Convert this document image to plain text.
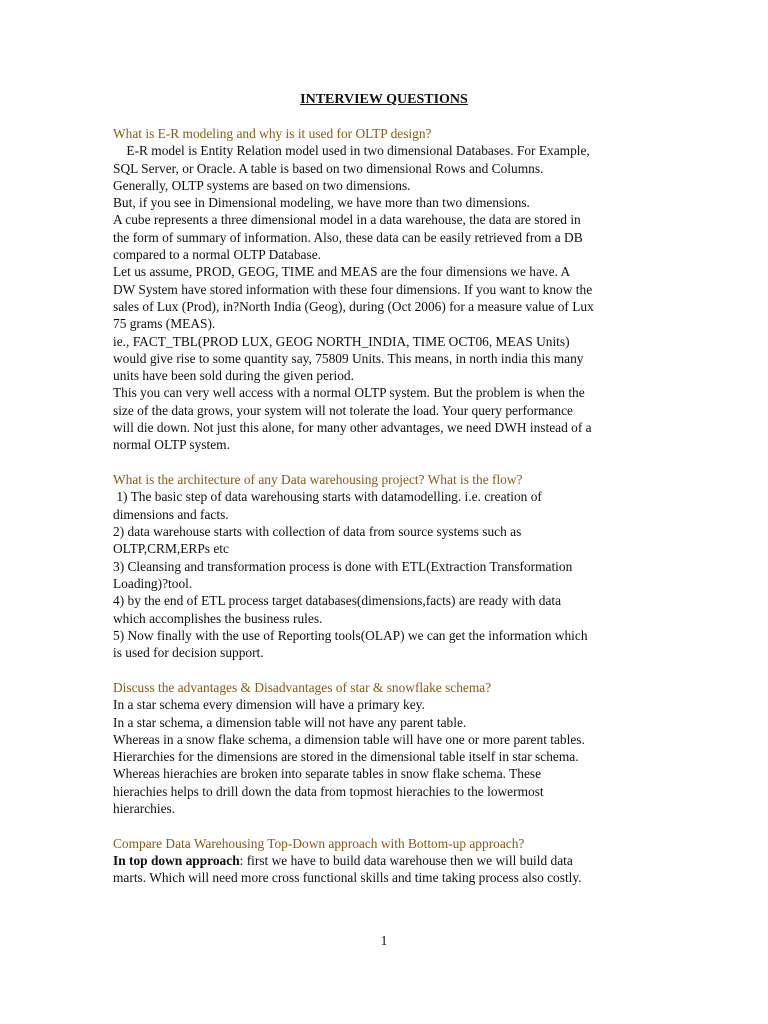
INTERVIEW QUESTIONS

What is E-R modeling and why is it used for OLTP design?

E-R model is Entity Relation model used in two dimensional Databases. For Example,

SQL Server, or Oracle. A table is based on two dimensional Rows and Columns.

Generally, OLTP systems are based on two dimensions.

But, if you see in Dimensional modeling, we have more than two dimensions.

A cube represents a three dimensional model in a data warehouse, the data are stored in

the form of summary of information. Also, these data can be easily retrieved from a DB

compared to a normal OLTP Database.

Let us assume, PROD, GEOG, TIME and MEAS are the four dimensions we have. A

DW System have stored information with these four dimensions. If you want to know the

sales of Lux (Prod), in?North India (Geog), during (Oct 2006) for a measure value of Lux

75 grams (MEAS).

ie., FACT_TBL(PROD LUX, GEOG NORTH_INDIA, TIME OCT06, MEAS Units)

would give rise to some quantity say, 75809 Units. This means, in north india this many

units have been sold during the given period.

This you can very well access with a normal OLTP system. But the problem is when the

size of the data grows, your system will not tolerate the load. Your query performance

will die down. Not just this alone, for many other advantages, we need DWH instead of a

normal OLTP system.

What is the architecture of any Data warehousing project? What is the flow?

1) The basic step of data warehousing starts with datamodelling. i.e. creation of

dimensions and facts.

2) data warehouse starts with collection of data from source systems such as

OLTP,CRM,ERPs etc

3) Cleansing and transformation process is done with ETL(Extraction Transformation

Loading)?tool.

4) by the end of ETL process target databases(dimensions,facts) are ready with data

which accomplishes the business rules.

5) Now finally with the use of Reporting tools(OLAP) we can get the information which

is used for decision support.

Discuss the advantages & Disadvantages of star & snowflake schema?

In a star schema every dimension will have a primary key.

In a star schema, a dimension table will not have any parent table.

Whereas in a snow flake schema, a dimension table will have one or more parent tables.

Hierarchies for the dimensions are stored in the dimensional table itself in star schema.

Whereas hierachies are broken into separate tables in snow flake schema. These

hierachies helps to drill down the data from topmost hierachies to the lowermost

hierarchies.

Compare Data Warehousing Top-Down approach with Bottom-up approach?

In top down approach: first we have to build data warehouse then we will build data

marts. Which will need more cross functional skills and time taking process also costly.

1
